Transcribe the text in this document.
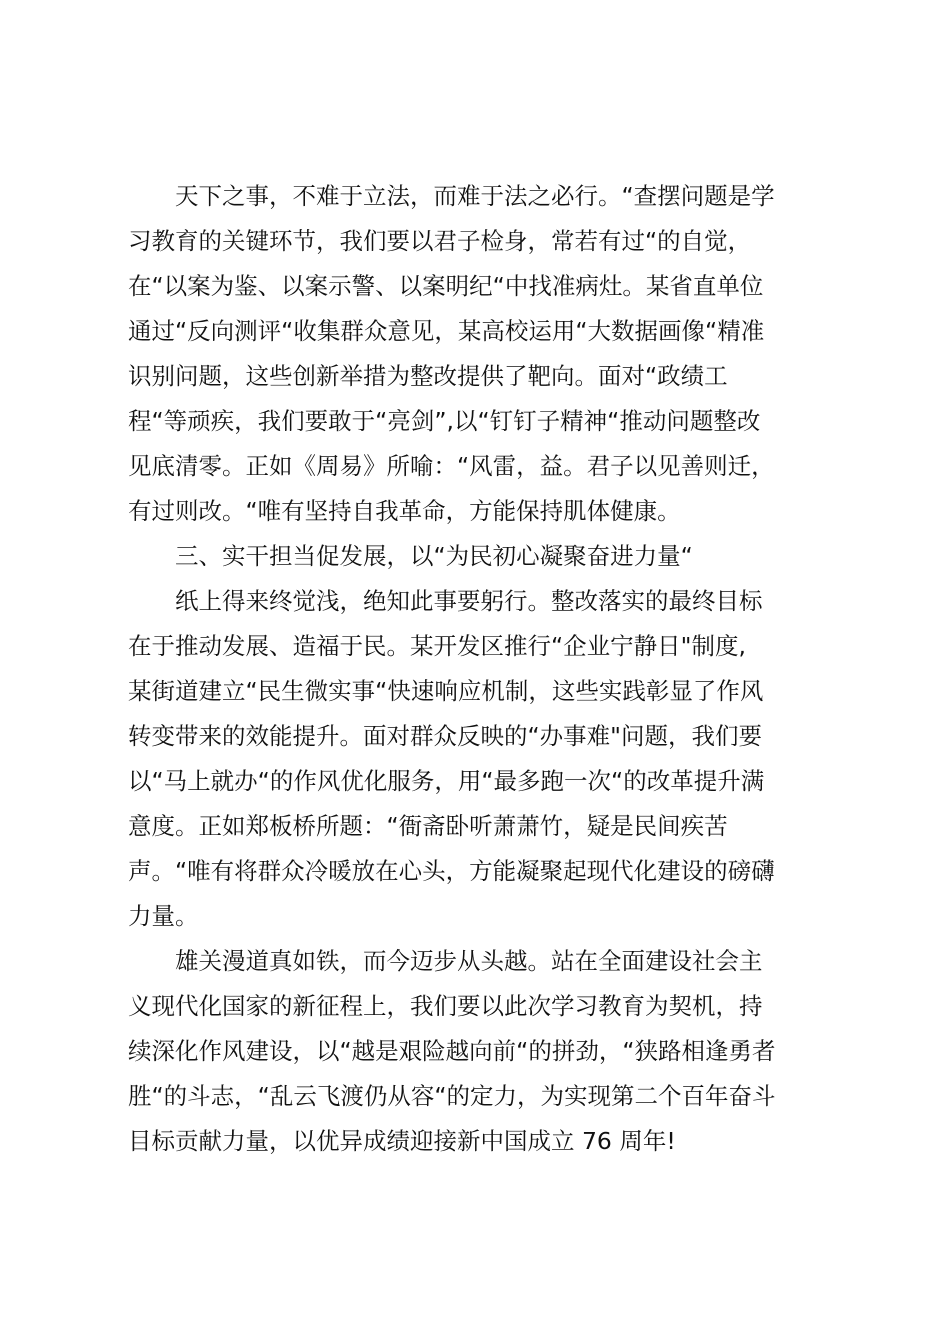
天下之事，不难于立法，而难于法之必行。“查摆问题是学
习教育的关键环节，我们要以君子检身，常若有过“的自觉，
在“以案为鉴、以案示警、以案明纪“中找准病灶。某省直单位
通过“反向测评“收集群众意见，某高校运用“大数据画像“精准
识别问题，这些创新举措为整改提供了靶向。面对“政绩工
程“等顽疾，我们要敢于“亮剑”,以“钉钉子精神“推动问题整改
见底清零。正如《周易》所喻：“风雷，益。君子以见善则迁，
有过则改。“唯有坚持自我革命，方能保持肌体健康。
三、实干担当促发展，以“为民初心凝聚奋进力量“
纸上得来终觉浅，绝知此事要躬行。整改落实的最终目标
在于推动发展、造福于民。某开发区推行“企业宁静日"制度,
某街道建立“民生微实事“快速响应机制，这些实践彰显了作风
转变带来的效能提升。面对群众反映的“办事难"问题，我们要
以“马上就办“的作风优化服务，用“最多跑一次“的改革提升满
意度。正如郑板桥所题：“衙斋卧听萧萧竹，疑是民间疾苦
声。“唯有将群众冷暖放在心头，方能凝聚起现代化建设的磅礴
力量。
雄关漫道真如铁，而今迈步从头越。站在全面建设社会主
义现代化国家的新征程上，我们要以此次学习教育为契机，持
续深化作风建设，以“越是艰险越向前“的拼劲，“狭路相逢勇者
胜“的斗志，“乱云飞渡仍从容“的定力，为实现第二个百年奋斗
目标贡献力量，以优异成绩迎接新中国成立 76 周年!
